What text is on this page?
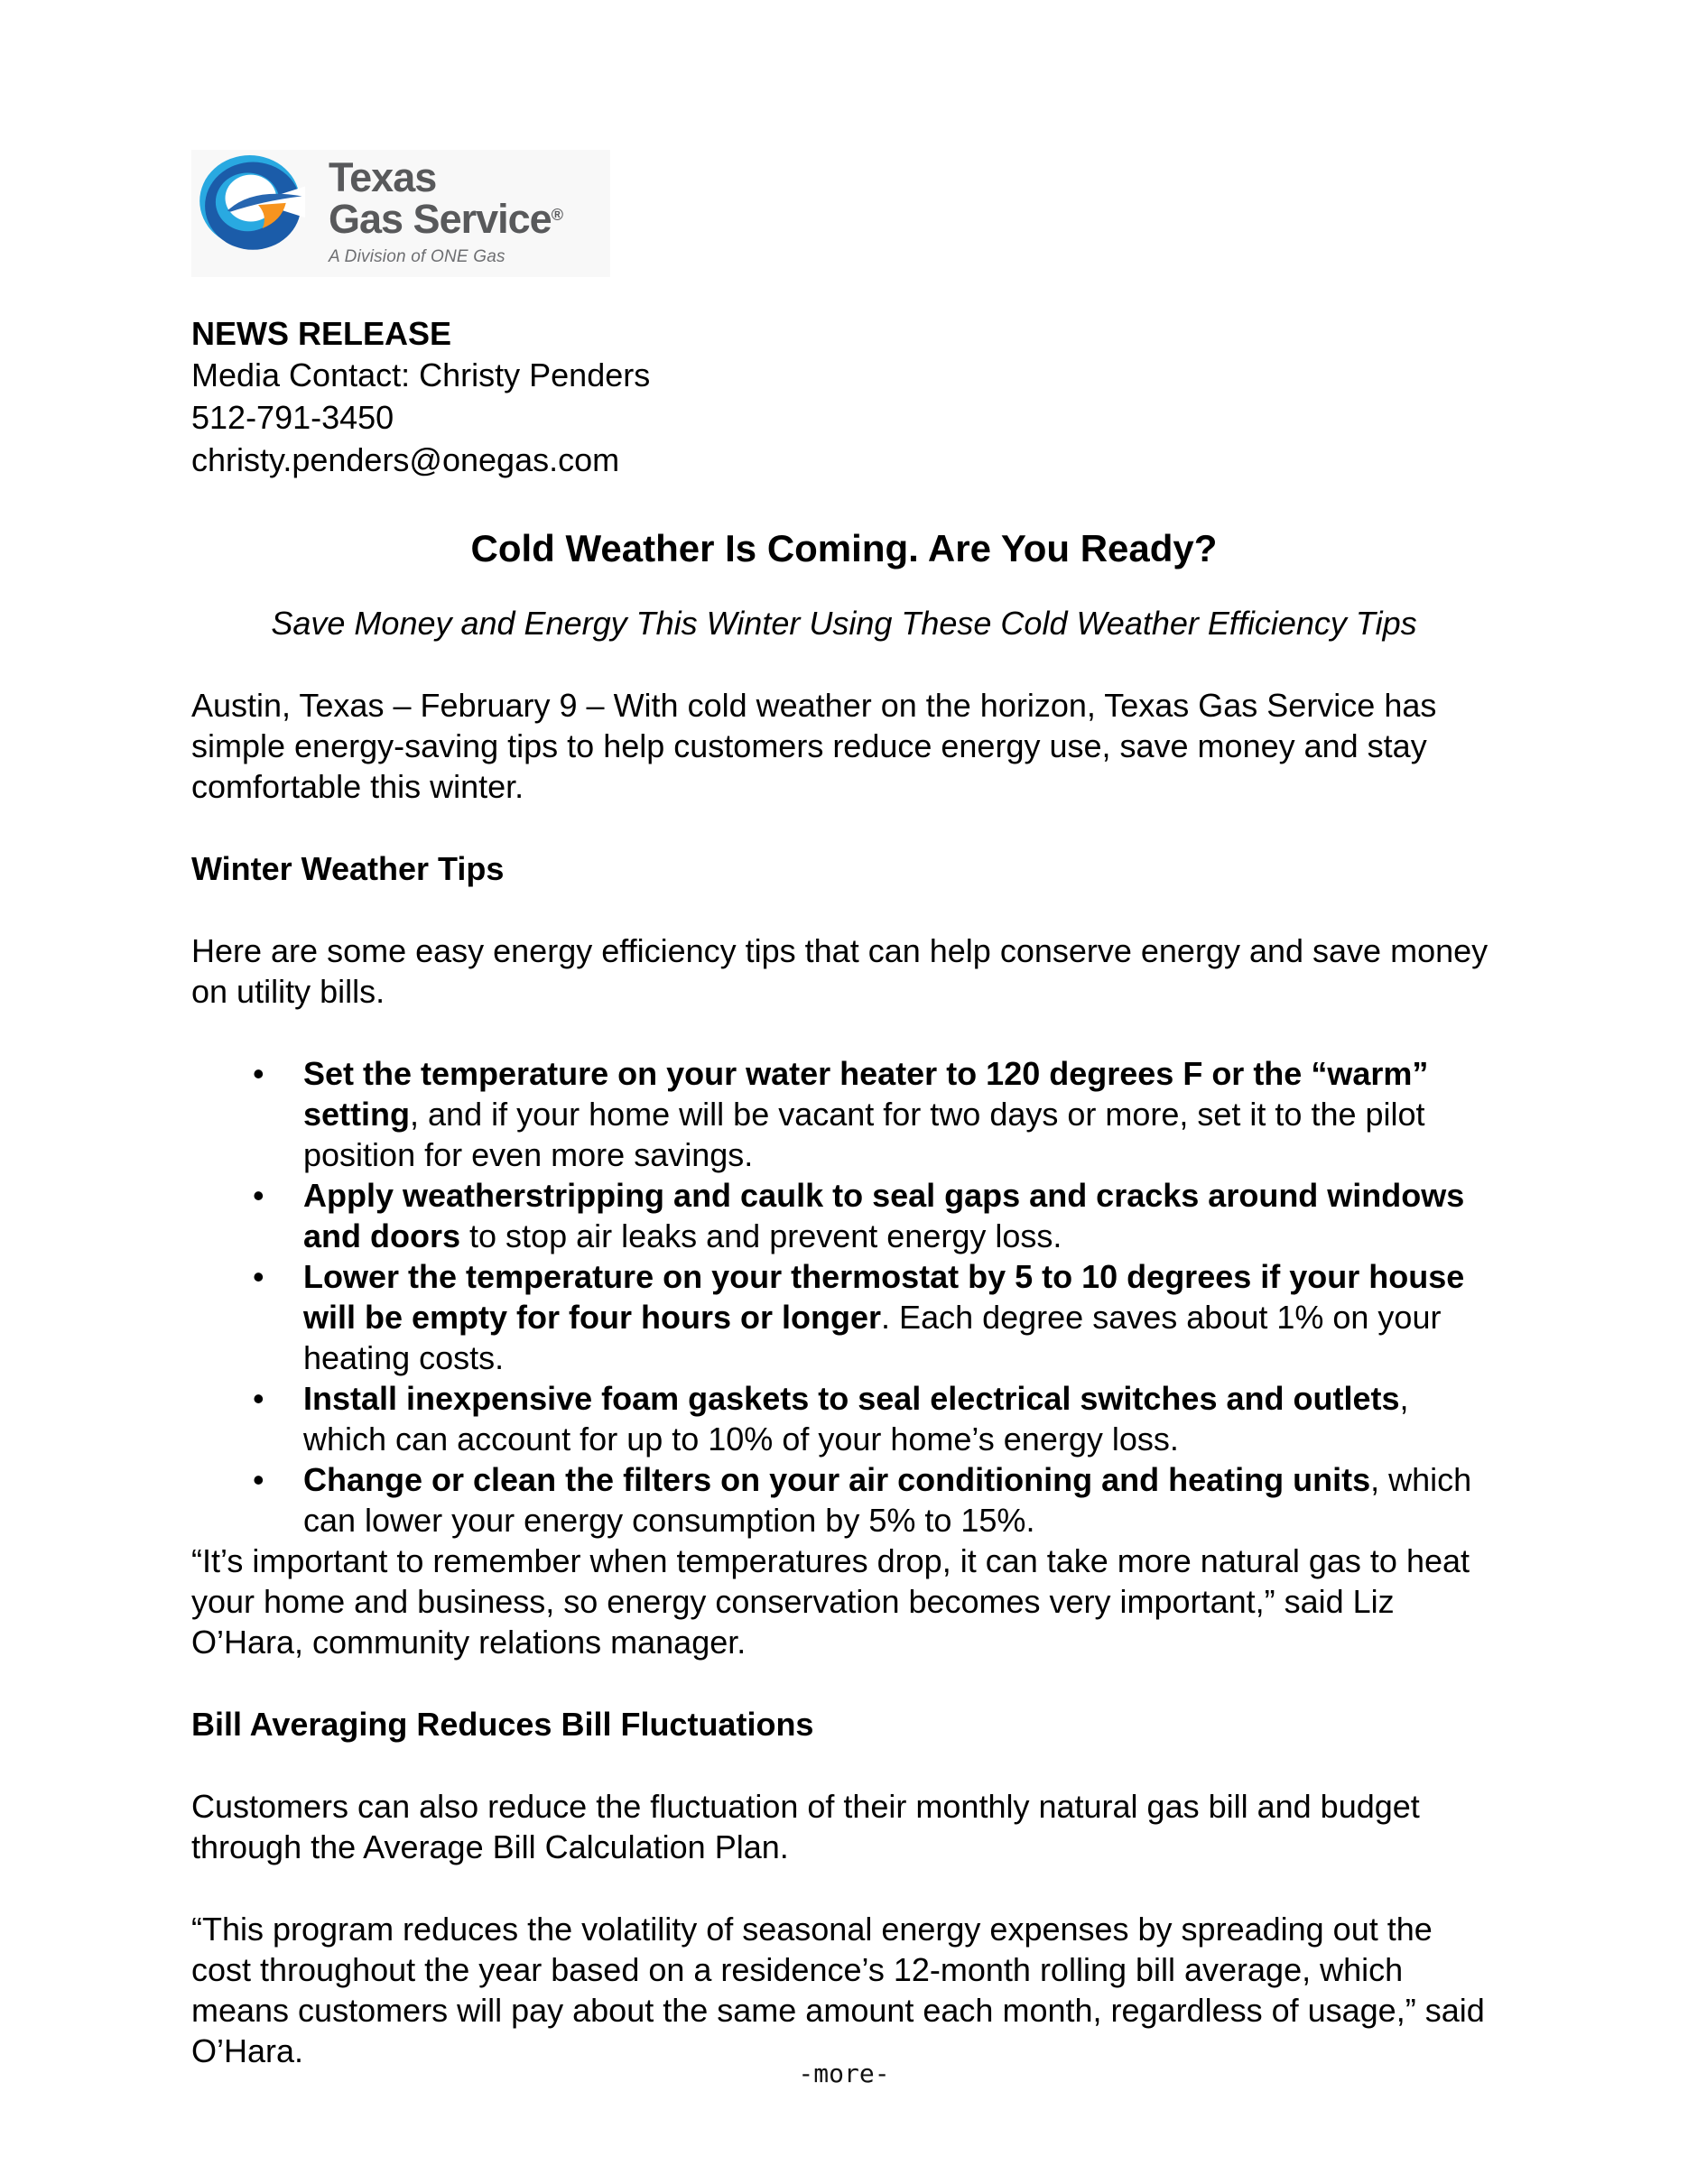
Texas
Gas Service®
A Division of ONE Gas
NEWS RELEASE
Media Contact: Christy Penders
512-791-3450
christy.penders@onegas.com
Cold Weather Is Coming. Are You Ready?
Save Money and Energy This Winter Using These Cold Weather Efficiency Tips

Austin, Texas – February 9 – With cold weather on the horizon, Texas Gas Service has simple energy-saving tips to help customers reduce energy use, save money and stay comfortable this winter.

Winter Weather Tips

Here are some easy energy efficiency tips that can help conserve energy and save money on utility bills.

•	Set the temperature on your water heater to 120 degrees F or the “warm” setting, and if your home will be vacant for two days or more, set it to the pilot position for even more savings.
•	Apply weatherstripping and caulk to seal gaps and cracks around windows and doors to stop air leaks and prevent energy loss.
•	Lower the temperature on your thermostat by 5 to 10 degrees if your house will be empty for four hours or longer. Each degree saves about 1% on your heating costs.
•	Install inexpensive foam gaskets to seal electrical switches and outlets, which can account for up to 10% of your home’s energy loss.
•	Change or clean the filters on your air conditioning and heating units, which can lower your energy consumption by 5% to 15%.

“It’s important to remember when temperatures drop, it can take more natural gas to heat your home and business, so energy conservation becomes very important,” said Liz O’Hara, community relations manager.

Bill Averaging Reduces Bill Fluctuations

Customers can also reduce the fluctuation of their monthly natural gas bill and budget through the Average Bill Calculation Plan.

“This program reduces the volatility of seasonal energy expenses by spreading out the cost throughout the year based on a residence’s 12-month rolling bill average, which means customers will pay about the same amount each month, regardless of usage,” said O’Hara.

-more-
